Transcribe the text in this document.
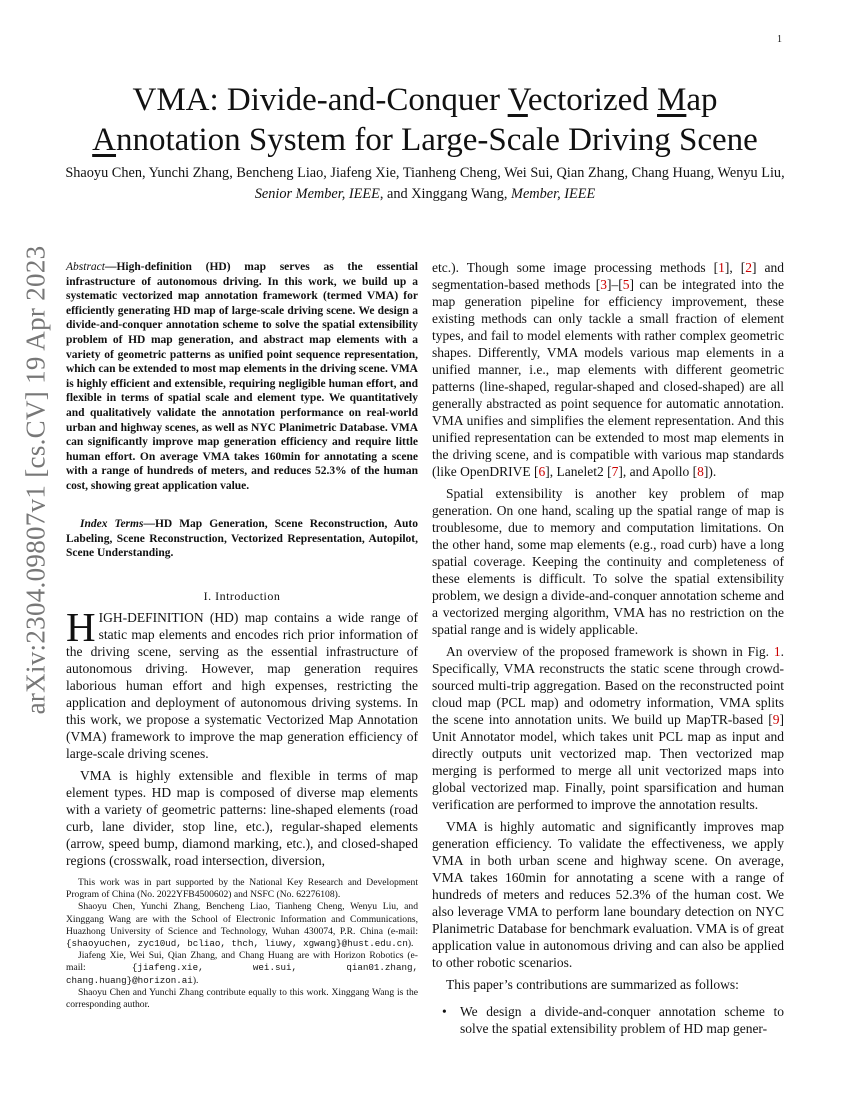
1
arXiv:2304.09807v1 [cs.CV] 19 Apr 2023
VMA: Divide-and-Conquer Vectorized Map
Annotation System for Large-Scale Driving Scene
Shaoyu Chen, Yunchi Zhang, Bencheng Liao, Jiafeng Xie, Tianheng Cheng, Wei Sui, Qian Zhang, Chang Huang, Wenyu Liu, Senior Member, IEEE, and Xinggang Wang, Member, IEEE

Abstract—High-definition (HD) map serves as the essential infrastructure of autonomous driving. In this work, we build up a systematic vectorized map annotation framework (termed VMA) for efficiently generating HD map of large-scale driving scene. We design a divide-and-conquer annotation scheme to solve the spatial extensibility problem of HD map generation, and abstract map elements with a variety of geometric patterns as unified point sequence representation, which can be extended to most map elements in the driving scene. VMA is highly efficient and extensible, requiring negligible human effort, and flexible in terms of spatial scale and element type. We quantitatively and qualitatively validate the annotation performance on real-world urban and highway scenes, as well as NYC Planimetric Database. VMA can significantly improve map generation efficiency and require little human effort. On average VMA takes 160min for annotating a scene with a range of hundreds of meters, and reduces 52.3% of the human cost, showing great application value.

Index Terms—HD Map Generation, Scene Reconstruction, Auto Labeling, Scene Reconstruction, Vectorized Representation, Autopilot, Scene Understanding.

I. Introduction

HIGH-DEFINITION (HD) map contains a wide range of static map elements and encodes rich prior information of the driving scene, serving as the essential infrastructure of autonomous driving. However, map generation requires laborious human effort and high expenses, restricting the application and deployment of autonomous driving systems. In this work, we propose a systematic Vectorized Map Annotation (VMA) framework to improve the map generation efficiency of large-scale driving scenes.

VMA is highly extensible and flexible in terms of map element types. HD map is composed of diverse map elements with a variety of geometric patterns: line-shaped elements (road curb, lane divider, stop line, etc.), regular-shaped elements (arrow, speed bump, diamond marking, etc.), and closed-shaped regions (crosswalk, road intersection, diversion,

This work was in part supported by the National Key Research and Development Program of China (No. 2022YFB4500602) and NSFC (No. 62276108).

Shaoyu Chen, Yunchi Zhang, Bencheng Liao, Tianheng Cheng, Wenyu Liu, and Xinggang Wang are with the School of Electronic Information and Communications, Huazhong University of Science and Technology, Wuhan 430074, P.R. China (e-mail: {shaoyuchen, zyc10ud, bcliao, thch, liuwy, xgwang}@hust.edu.cn).

Jiafeng Xie, Wei Sui, Qian Zhang, and Chang Huang are with Horizon Robotics (e-mail: {jiafeng.xie, wei.sui, qian01.zhang, chang.huang}@horizon.ai).

Shaoyu Chen and Yunchi Zhang contribute equally to this work. Xinggang Wang is the corresponding author.

etc.). Though some image processing methods [1], [2] and segmentation-based methods [3]–[5] can be integrated into the map generation pipeline for efficiency improvement, these existing methods can only tackle a small fraction of element types, and fail to model elements with rather complex geometric shapes. Differently, VMA models various map elements in a unified manner, i.e., map elements with different geometric patterns (line-shaped, regular-shaped and closed-shaped) are all generally abstracted as point sequence for automatic annotation. VMA unifies and simplifies the element representation. And this unified representation can be extended to most map elements in the driving scene, and is compatible with various map standards (like OpenDRIVE [6], Lanelet2 [7], and Apollo [8]).

Spatial extensibility is another key problem of map generation. On one hand, scaling up the spatial range of map is troublesome, due to memory and computation limitations. On the other hand, some map elements (e.g., road curb) have a long spatial coverage. Keeping the continuity and completeness of these elements is difficult. To solve the spatial extensibility problem, we design a divide-and-conquer annotation scheme and a vectorized merging algorithm, VMA has no restriction on the spatial range and is widely applicable.

An overview of the proposed framework is shown in Fig. 1. Specifically, VMA reconstructs the static scene through crowd-sourced multi-trip aggregation. Based on the reconstructed point cloud map (PCL map) and odometry information, VMA splits the scene into annotation units. We build up MapTR-based [9] Unit Annotator model, which takes unit PCL map as input and directly outputs unit vectorized map. Then vectorized map merging is performed to merge all unit vectorized maps into global vectorized map. Finally, point sparsification and human verification are performed to improve the annotation results.

VMA is highly automatic and significantly improves map generation efficiency. To validate the effectiveness, we apply VMA in both urban scene and highway scene. On average, VMA takes 160min for annotating a scene with a range of hundreds of meters and reduces 52.3% of the human cost. We also leverage VMA to perform lane boundary detection on NYC Planimetric Database for benchmark evaluation. VMA is of great application value in autonomous driving and can also be applied to other robotic scenarios.

This paper’s contributions are summarized as follows:

• We design a divide-and-conquer annotation scheme to solve the spatial extensibility problem of HD map gener-
